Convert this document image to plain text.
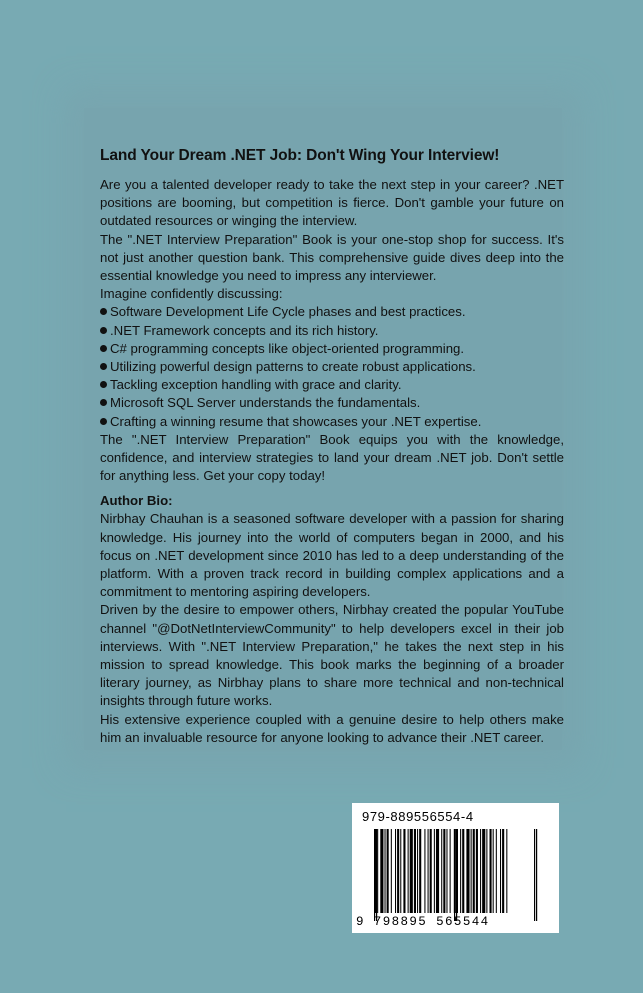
Land Your Dream .NET Job: Don't Wing Your Interview!

Are you a talented developer ready to take the next step in your career? .NET positions are booming, but competition is fierce. Don't gamble your future on outdated resources or winging the interview.

The ".NET Interview Preparation" Book is your one-stop shop for success. It's not just another question bank. This comprehensive guide dives deep into the essential knowledge you need to impress any interviewer.

Imagine confidently discussing:

Software Development Life Cycle phases and best practices.
.NET Framework concepts and its rich history.
C# programming concepts like object-oriented programming.
Utilizing powerful design patterns to create robust applications.
Tackling exception handling with grace and clarity.
Microsoft SQL Server understands the fundamentals.
Crafting a winning resume that showcases your .NET expertise.

The ".NET Interview Preparation" Book equips you with the knowledge, confidence, and interview strategies to land your dream .NET job. Don't settle for anything less. Get your copy today!

Author Bio:

Nirbhay Chauhan is a seasoned software developer with a passion for sharing knowledge. His journey into the world of computers began in 2000, and his focus on .NET development since 2010 has led to a deep understanding of the platform. With a proven track record in building complex applications and a commitment to mentoring aspiring developers.

Driven by the desire to empower others, Nirbhay created the popular YouTube channel "@DotNetInterviewCommunity" to help developers excel in their job interviews. With ".NET Interview Preparation," he takes the next step in his mission to spread knowledge. This book marks the beginning of a broader literary journey, as Nirbhay plans to share more technical and non-technical insights through future works.

His extensive experience coupled with a genuine desire to help others make him an invaluable resource for anyone looking to advance their .NET career.

979-889556554-4
9 798895 565544
